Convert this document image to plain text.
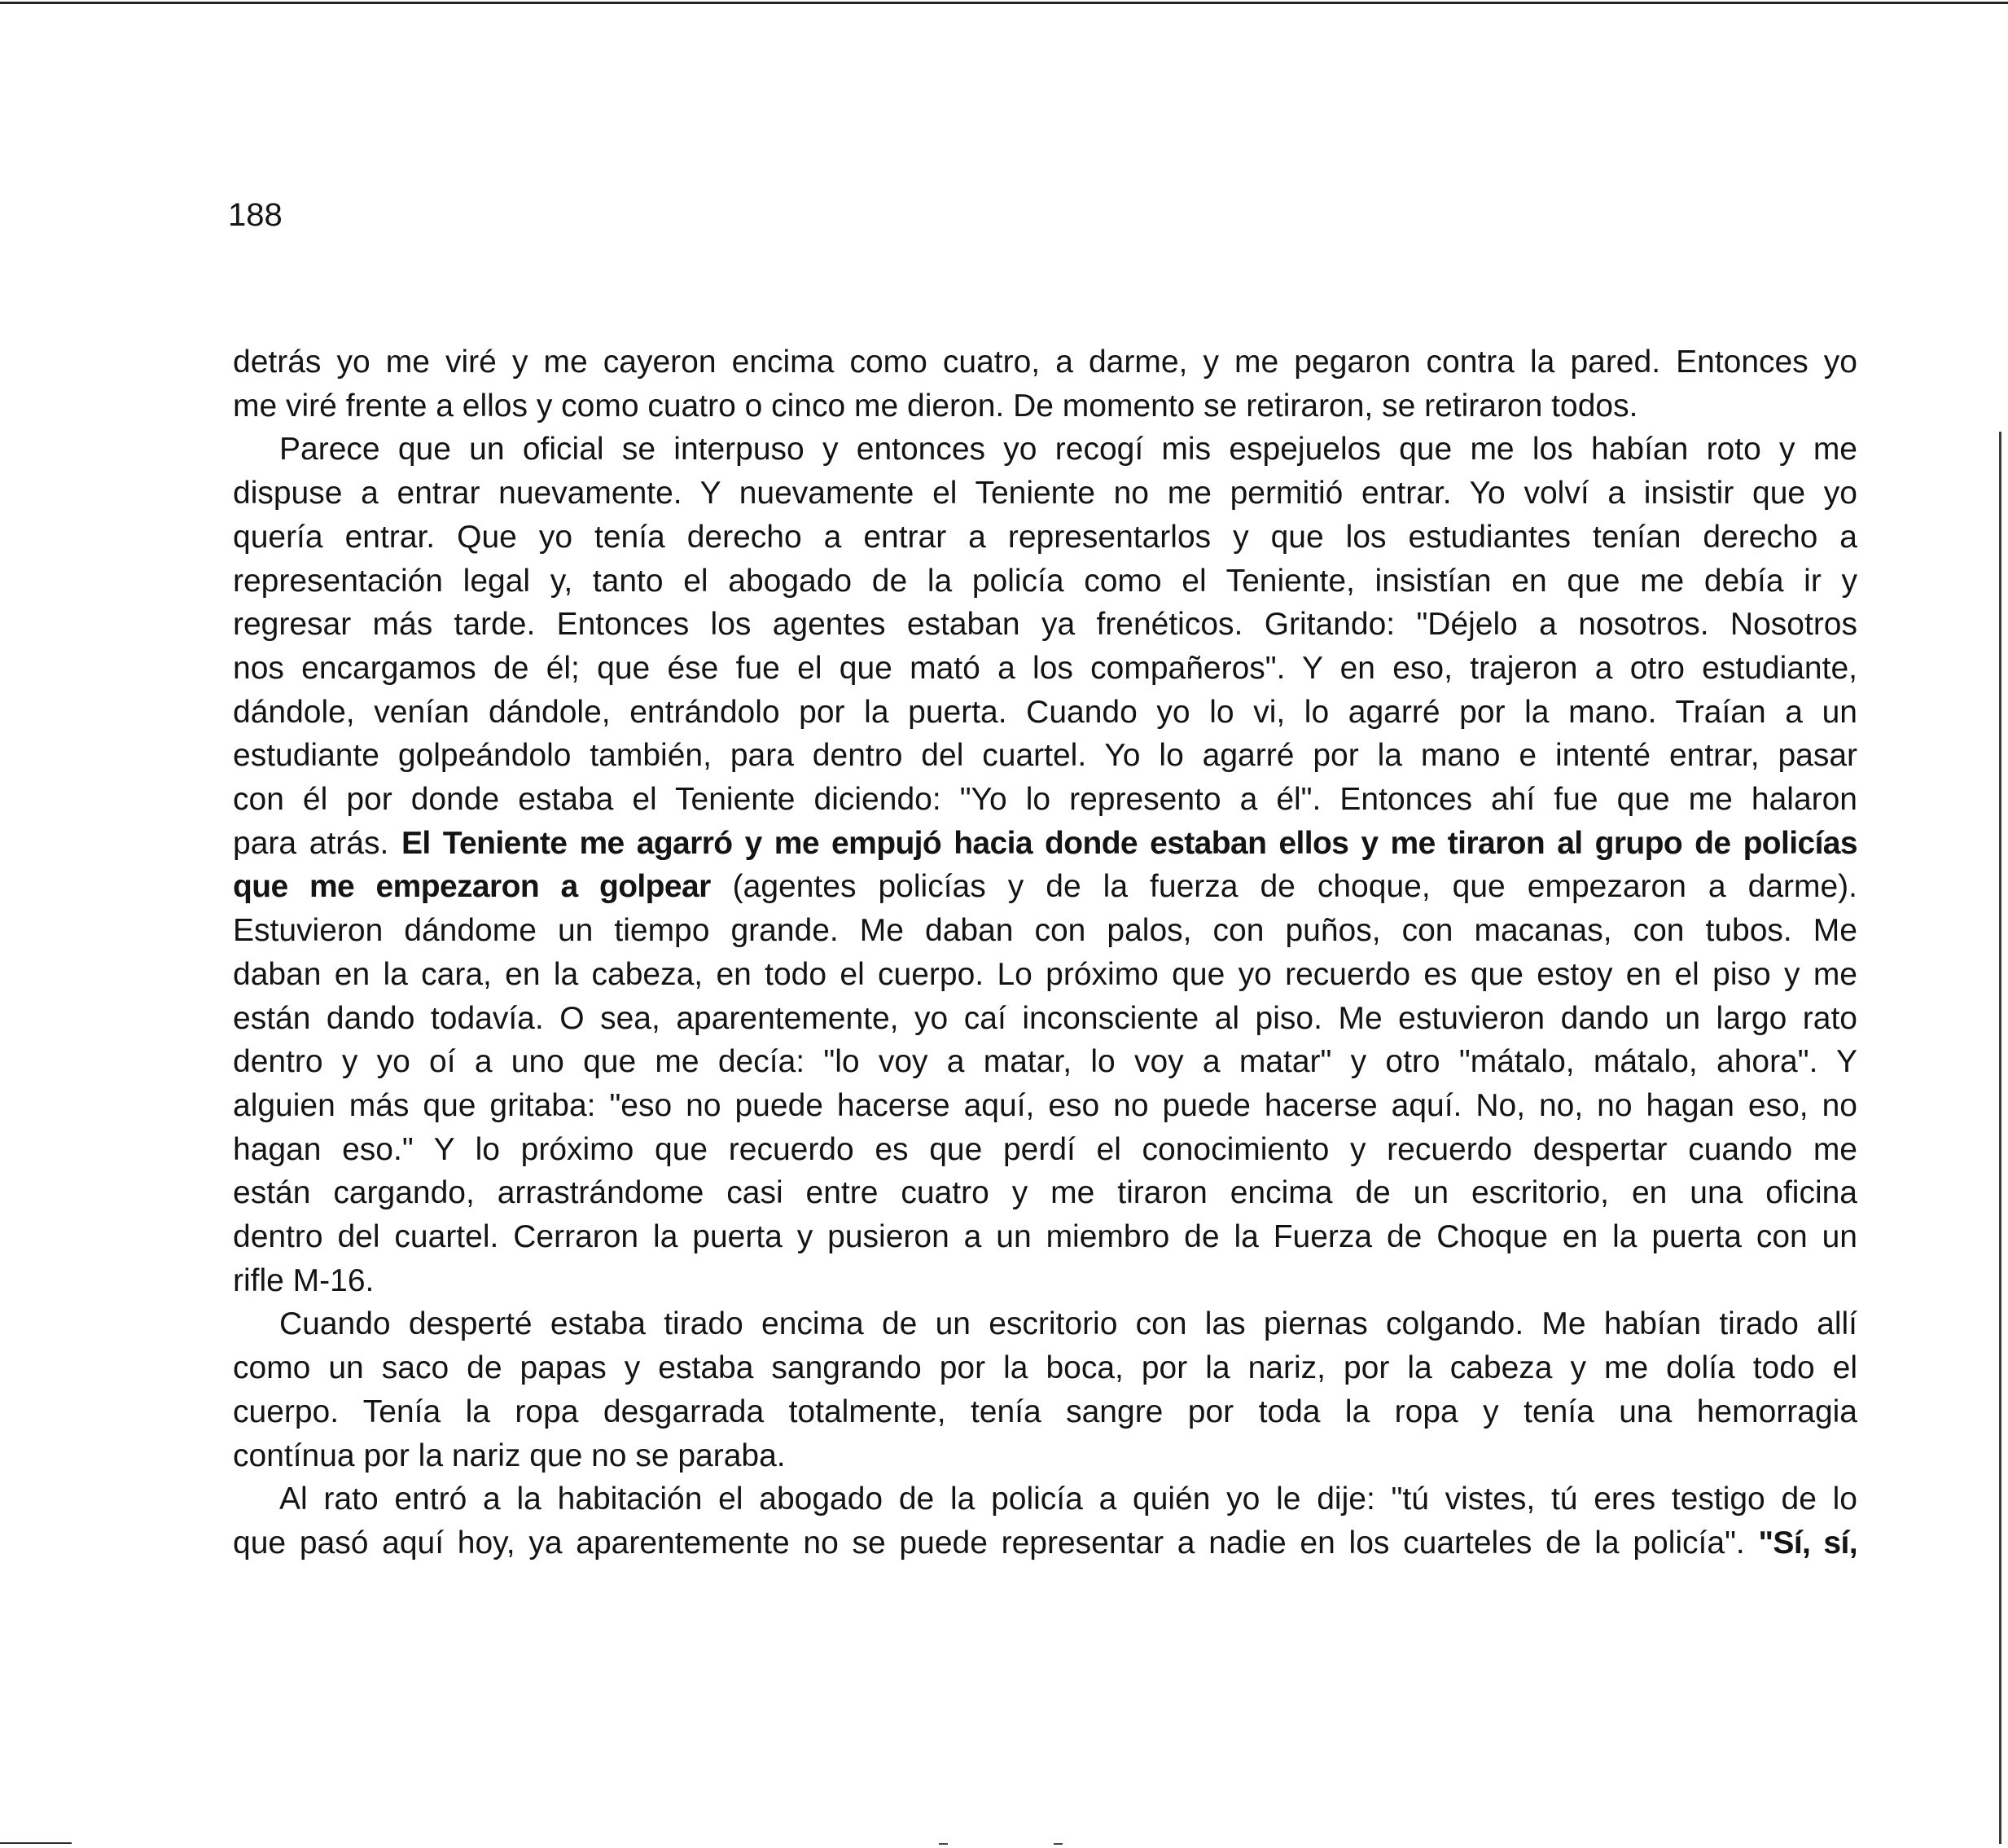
188
detrás yo me viré y me cayeron encima como cuatro, a darme, y me pegaron contra la pared. Entonces yo
me viré frente a ellos y como cuatro o cinco me dieron. De momento se retiraron, se retiraron todos.
Parece que un oficial se interpuso y entonces yo recogí mis espejuelos que me los habían roto y me
dispuse a entrar nuevamente. Y nuevamente el Teniente no me permitió entrar. Yo volví a insistir que yo
quería entrar. Que yo tenía derecho a entrar a representarlos y que los estudiantes tenían derecho a
representación legal y, tanto el abogado de la policía como el Teniente, insistían en que me debía ir y
regresar más tarde. Entonces los agentes estaban ya frenéticos. Gritando: "Déjelo a nosotros. Nosotros
nos encargamos de él; que ése fue el que mató a los compañeros". Y en eso, trajeron a otro estudiante,
dándole, venían dándole, entrándolo por la puerta. Cuando yo lo vi, lo agarré por la mano. Traían a un
estudiante golpeándolo también, para dentro del cuartel. Yo lo agarré por la mano e intenté entrar, pasar
con él por donde estaba el Teniente diciendo: "Yo lo represento a él". Entonces ahí fue que me halaron
para atrás. El Teniente me agarró y me empujó hacia donde estaban ellos y me tiraron al grupo de policías
que me empezaron a golpear (agentes policías y de la fuerza de choque, que empezaron a darme).
Estuvieron dándome un tiempo grande. Me daban con palos, con puños, con macanas, con tubos. Me
daban en la cara, en la cabeza, en todo el cuerpo. Lo próximo que yo recuerdo es que estoy en el piso y me
están dando todavía. O sea, aparentemente, yo caí inconsciente al piso. Me estuvieron dando un largo rato
dentro y yo oí a uno que me decía: "lo voy a matar, lo voy a matar" y otro "mátalo, mátalo, ahora". Y
alguien más que gritaba: "eso no puede hacerse aquí, eso no puede hacerse aquí. No, no, no hagan eso, no
hagan eso." Y lo próximo que recuerdo es que perdí el conocimiento y recuerdo despertar cuando me
están cargando, arrastrándome casi entre cuatro y me tiraron encima de un escritorio, en una oficina
dentro del cuartel. Cerraron la puerta y pusieron a un miembro de la Fuerza de Choque en la puerta con un
rifle M-16.
Cuando desperté estaba tirado encima de un escritorio con las piernas colgando. Me habían tirado allí
como un saco de papas y estaba sangrando por la boca, por la nariz, por la cabeza y me dolía todo el
cuerpo. Tenía la ropa desgarrada totalmente, tenía sangre por toda la ropa y tenía una hemorragia
contínua por la nariz que no se paraba.
Al rato entró a la habitación el abogado de la policía a quién yo le dije: "tú vistes, tú eres testigo de lo
que pasó aquí hoy, ya aparentemente no se puede representar a nadie en los cuarteles de la policía". "Sí, sí,
